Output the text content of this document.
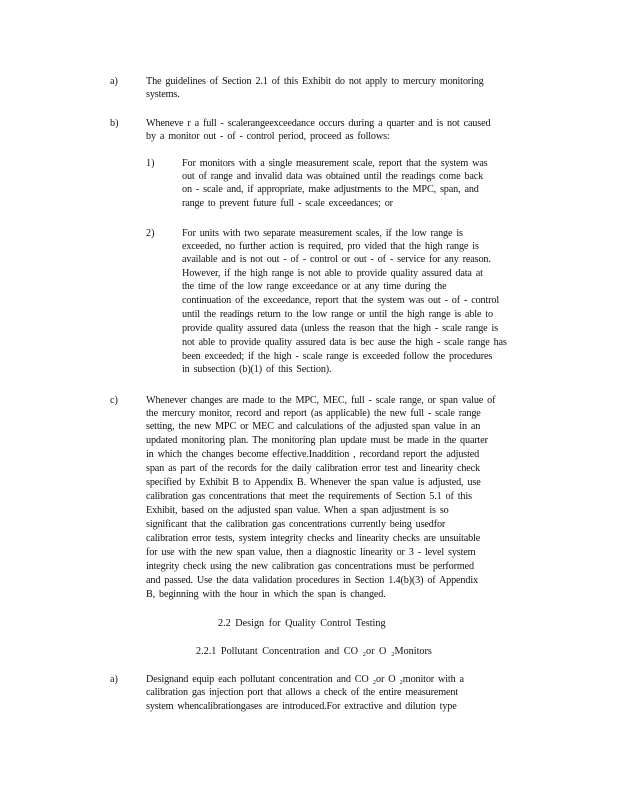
a)	The guidelines of Section 2.1 of this Exhibit do not apply to mercury monitoring
systems.
b)	Wheneve r a full - scalerangeexceedance occurs during a quarter and is not caused
by a monitor out - of - control period, proceed as follows:
1)	For monitors with a single measurement scale, report that the system was
out of range and invalid data was obtained until the readings come back
on - scale and, if appropriate, make adjustments to the MPC, span, and
range to prevent future full - scale exceedances; or
2)	For units with two separate measurement scales, if the low range is
exceeded, no further action is required, pro vided that the high range is
available and is not out - of - control or out - of - service for any reason.
However, if the high range is not able to provide quality assured data at
the time of the low range exceedance or at any time during the
continuation of the exceedance, report that the system was out - of - control
until the readings return to the low range or until the high range is able to
provide quality assured data (unless the reason that the high - scale range is
not able to provide quality assured data is bec ause the high - scale range has
been exceeded; if the high - scale range is exceeded follow the procedures
in subsection (b)(1) of this Section).
c)	Whenever changes are made to the MPC, MEC, full - scale range, or span value of
the mercury monitor, record and report (as applicable) the new full - scale range
setting, the new MPC or MEC and calculations of the adjusted span value in an
updated monitoring plan. The monitoring plan update must be made in the quarter
in which the changes become effective.Inaddition , recordand report the adjusted
span as part of the records for the daily calibration error test and linearity check
specified by Exhibit B to Appendix B. Whenever the span value is adjusted, use
calibration gas concentrations that meet the requirements of Section 5.1 of this
Exhibit, based on the adjusted span value. When a span adjustment is so
significant that the calibration gas concentrations currently being usedfor
calibration error tests, system integrity checks and linearity checks are unsuitable
for use with the new span value, then a diagnostic linearity or 3 - level system
integrity check using the new calibration gas concentrations must be performed
and passed. Use the data validation procedures in Section 1.4(b)(3) of Appendix
B, beginning with the hour in which the span is changed.
2.2 Design for Quality Control Testing
2.2.1 Pollutant Concentration and CO ₂or O ₂Monitors
a)	Designand equip each pollutant concentration and CO ₂or O ₂monitor with a
calibration gas injection port that allows a check of the entire measurement
system whencalibrationgases are introduced.For extractive and dilution type
